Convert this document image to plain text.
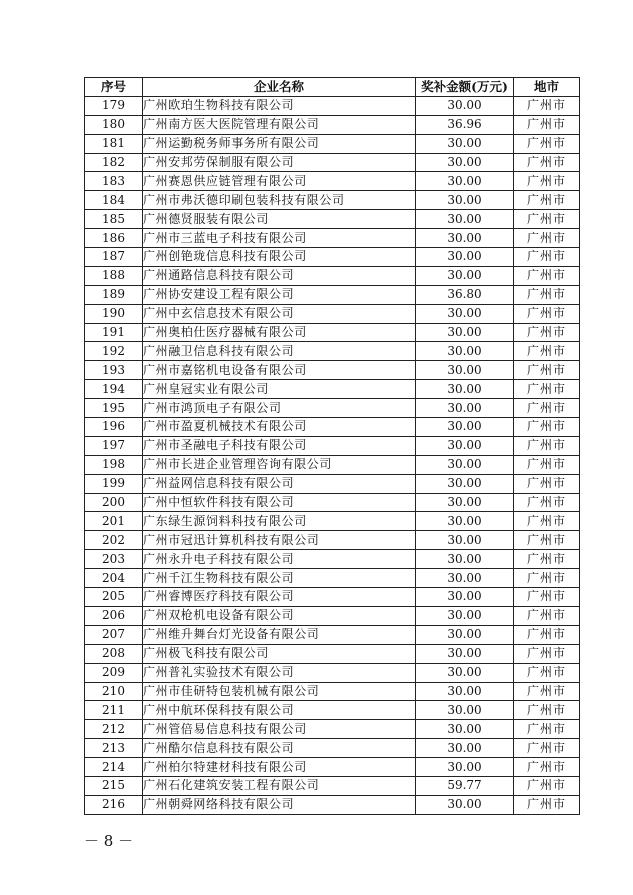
序号	企业名称	奖补金额(万元)	地市
179	广州欧珀生物科技有限公司	30.00	广州市
180	广州南方医大医院管理有限公司	36.96	广州市
181	广州运勤税务师事务所有限公司	30.00	广州市
182	广州安邦劳保制服有限公司	30.00	广州市
183	广州赛恩供应链管理有限公司	30.00	广州市
184	广州市弗沃德印刷包装科技有限公司	30.00	广州市
185	广州德贤服装有限公司	30.00	广州市
186	广州市三蓝电子科技有限公司	30.00	广州市
187	广州创铯珑信息科技有限公司	30.00	广州市
188	广州通路信息科技有限公司	30.00	广州市
189	广州协安建设工程有限公司	36.80	广州市
190	广州中玄信息技术有限公司	30.00	广州市
191	广州奥柏仕医疗器械有限公司	30.00	广州市
192	广州融卫信息科技有限公司	30.00	广州市
193	广州市嘉铭机电设备有限公司	30.00	广州市
194	广州皇冠实业有限公司	30.00	广州市
195	广州市鸿顶电子有限公司	30.00	广州市
196	广州市盈夏机械技术有限公司	30.00	广州市
197	广州市圣融电子科技有限公司	30.00	广州市
198	广州市长进企业管理咨询有限公司	30.00	广州市
199	广州益网信息科技有限公司	30.00	广州市
200	广州中恒软件科技有限公司	30.00	广州市
201	广东绿生源饲料科技有限公司	30.00	广州市
202	广州市冠迅计算机科技有限公司	30.00	广州市
203	广州永升电子科技有限公司	30.00	广州市
204	广州千江生物科技有限公司	30.00	广州市
205	广州睿博医疗科技有限公司	30.00	广州市
206	广州双枪机电设备有限公司	30.00	广州市
207	广州维升舞台灯光设备有限公司	30.00	广州市
208	广州极飞科技有限公司	30.00	广州市
209	广州普礼实验技术有限公司	30.00	广州市
210	广州市佳研特包装机械有限公司	30.00	广州市
211	广州中航环保科技有限公司	30.00	广州市
212	广州管倍易信息科技有限公司	30.00	广州市
213	广州酷尔信息科技有限公司	30.00	广州市
214	广州柏尔特建材科技有限公司	30.00	广州市
215	广州石化建筑安装工程有限公司	59.77	广州市
216	广州朝舜网络科技有限公司	30.00	广州市
－ 8 －
